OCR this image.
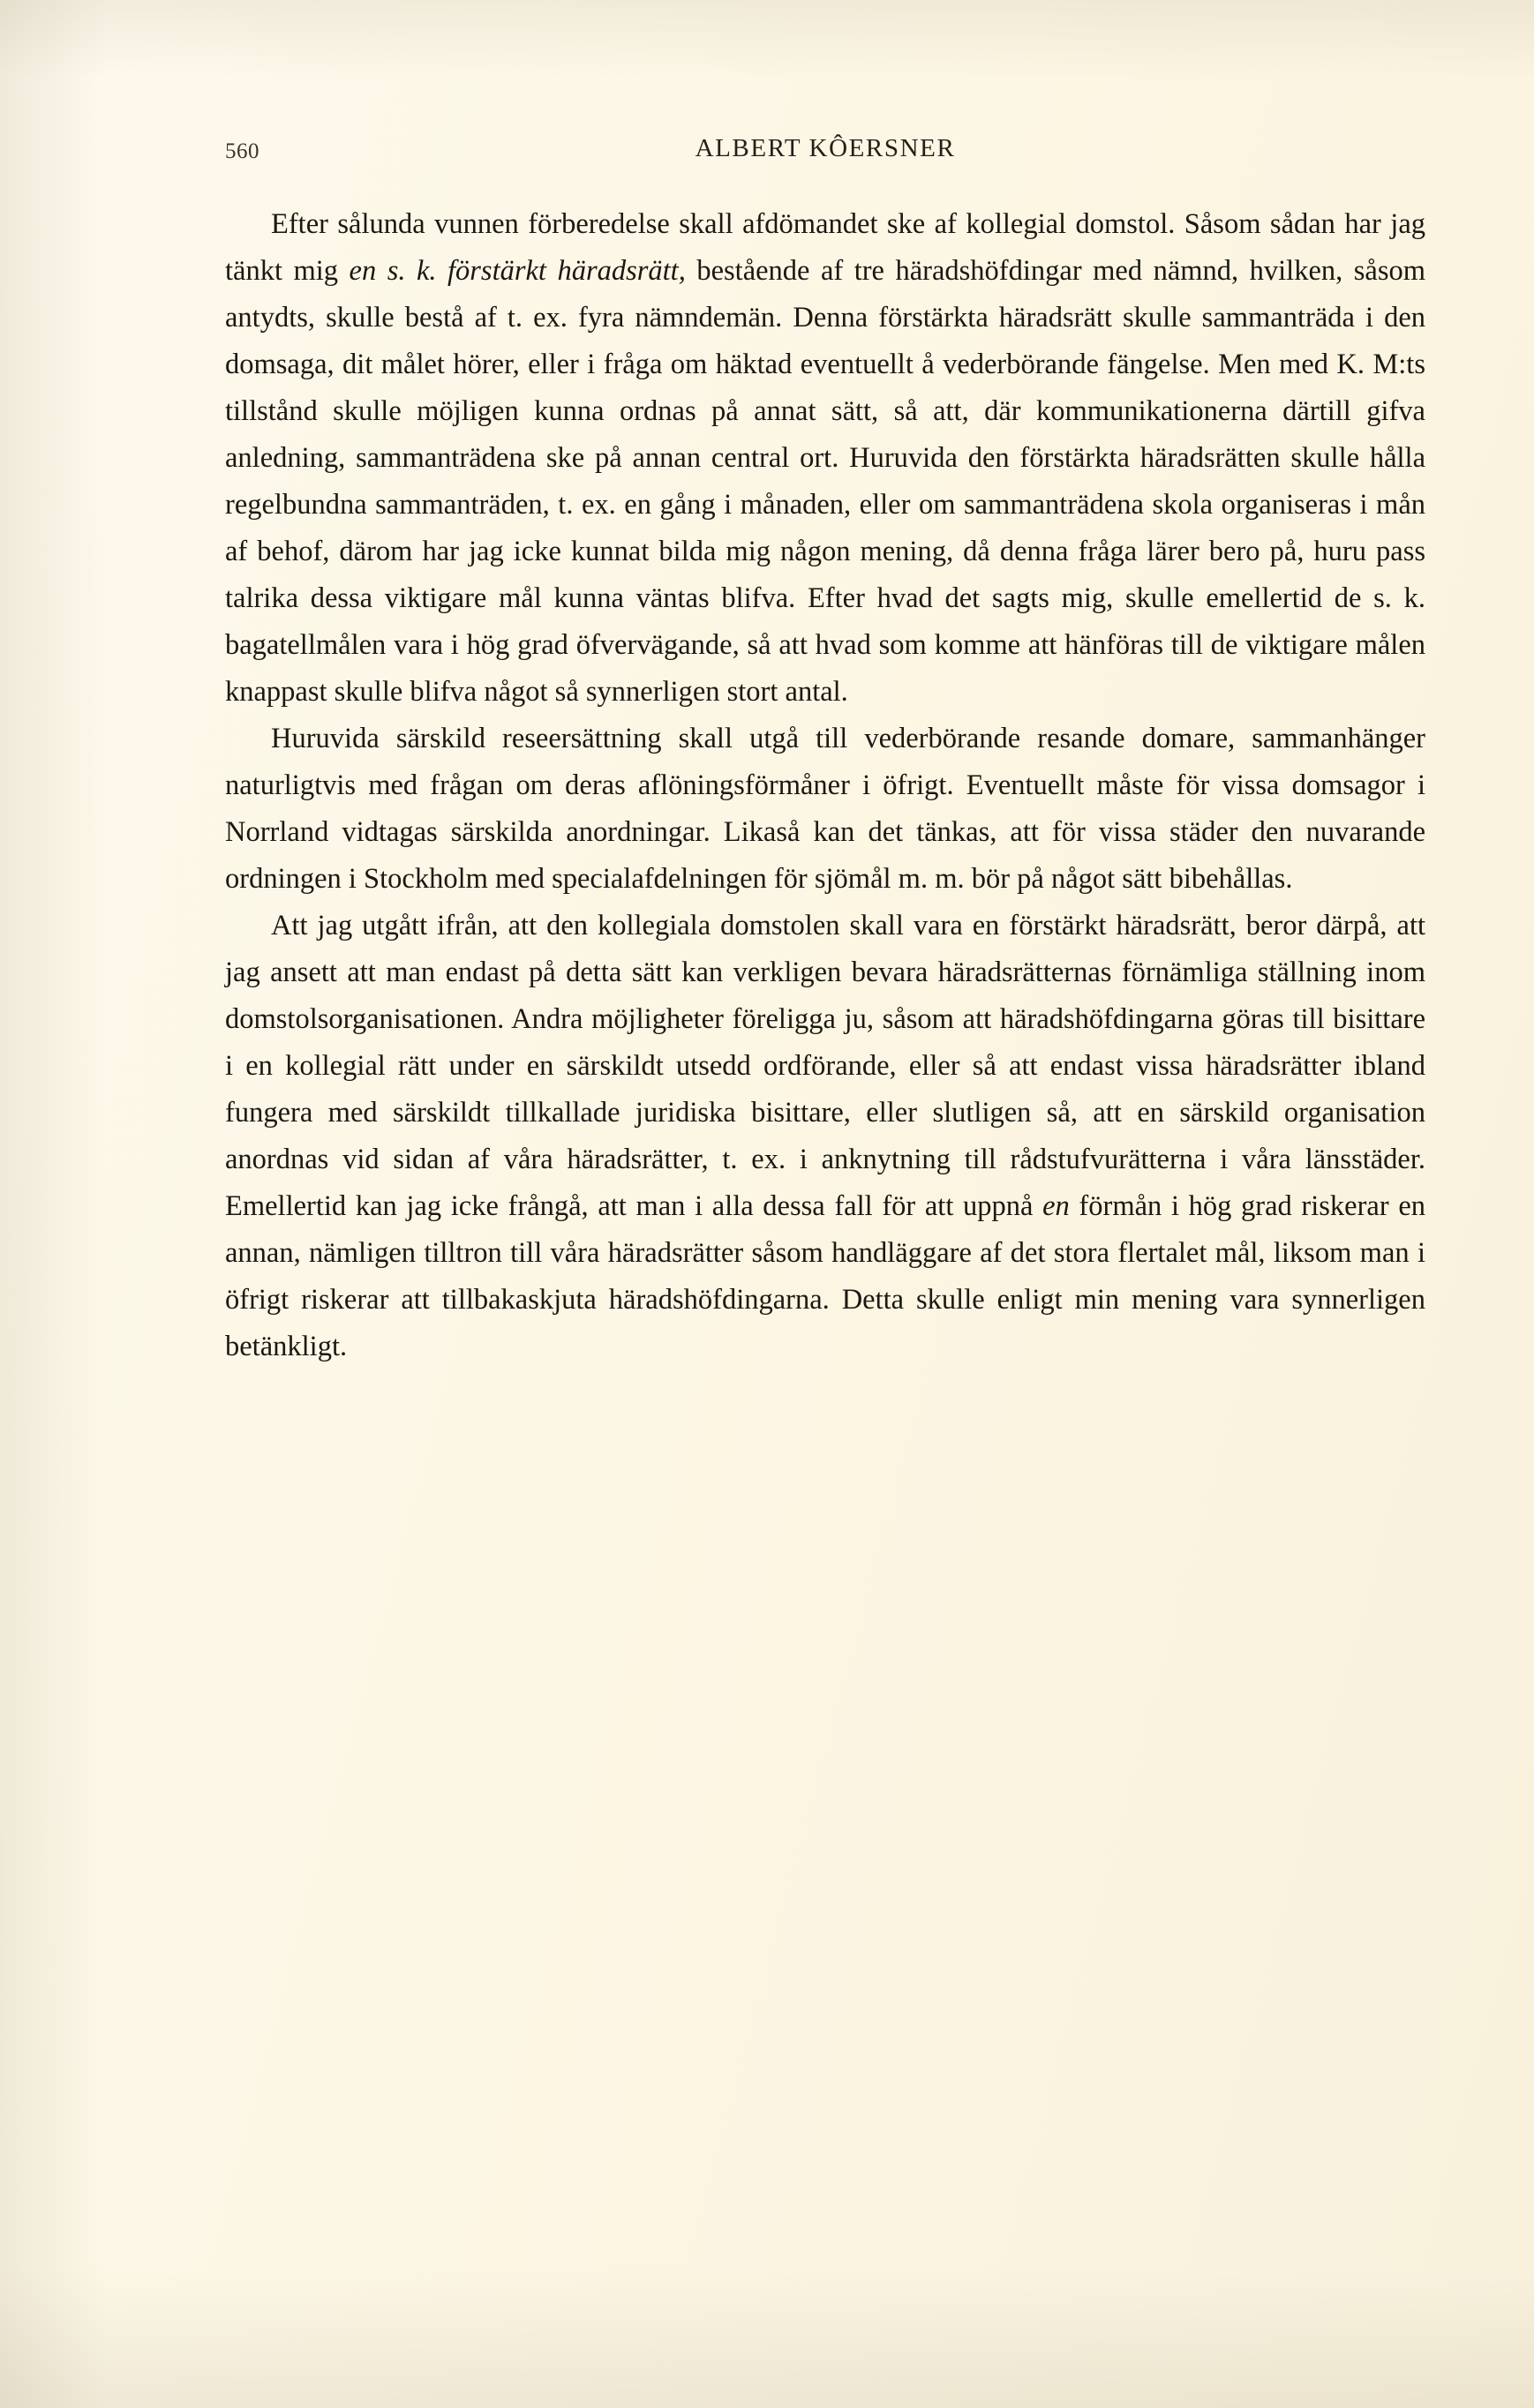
560	ALBERT KÔERSNER

Efter sålunda vunnen förberedelse skall afdömandet ske af kollegial domstol. Såsom sådan har jag tänkt mig en s. k. förstärkt häradsrätt, bestående af tre häradshöfdingar med nämnd, hvilken, såsom antydts, skulle bestå af t. ex. fyra nämndemän. Denna förstärkta häradsrätt skulle sammanträda i den domsaga, dit målet hörer, eller i fråga om häktad eventuellt å vederbörande fängelse. Men med K. M:ts tillstånd skulle möjligen kunna ordnas på annat sätt, så att, där kommunikationerna därtill gifva anledning, sammanträdena ske på annan central ort. Huruvida den förstärkta häradsrätten skulle hålla regelbundna sammanträden, t. ex. en gång i månaden, eller om sammanträdena skola organiseras i mån af behof, därom har jag icke kunnat bilda mig någon mening, då denna fråga lärer bero på, huru pass talrika dessa viktigare mål kunna väntas blifva. Efter hvad det sagts mig, skulle emellertid de s. k. bagatellmålen vara i hög grad öfvervägande, så att hvad som komme att hänföras till de viktigare målen knappast skulle blifva något så synnerligen stort antal.

Huruvida särskild reseersättning skall utgå till vederbörande resande domare, sammanhänger naturligtvis med frågan om deras aflöningsförmåner i öfrigt. Eventuellt måste för vissa domsagor i Norrland vidtagas särskilda anordningar. Likaså kan det tänkas, att för vissa städer den nuvarande ordningen i Stockholm med specialafdelningen för sjömål m. m. bör på något sätt bibehållas.

Att jag utgått ifrån, att den kollegiala domstolen skall vara en förstärkt häradsrätt, beror därpå, att jag ansett att man endast på detta sätt kan verkligen bevara häradsrätternas förnämliga ställning inom domstolsorganisationen. Andra möjligheter föreligga ju, såsom att häradshöfdingarna göras till bisittare i en kollegial rätt under en särskildt utsedd ordförande, eller så att endast vissa häradsrätter ibland fungera med särskildt tillkallade juridiska bisittare, eller slutligen så, att en särskild organisation anordnas vid sidan af våra häradsrätter, t. ex. i anknytning till rådstufvurätterna i våra länsstäder. Emellertid kan jag icke frångå, att man i alla dessa fall för att uppnå en förmån i hög grad riskerar en annan, nämligen tilltron till våra häradsrätter såsom handläggare af det stora flertalet mål, liksom man i öfrigt riskerar att tillbakaskjuta häradshöfdingarna. Detta skulle enligt min mening vara synnerligen betänkligt.
